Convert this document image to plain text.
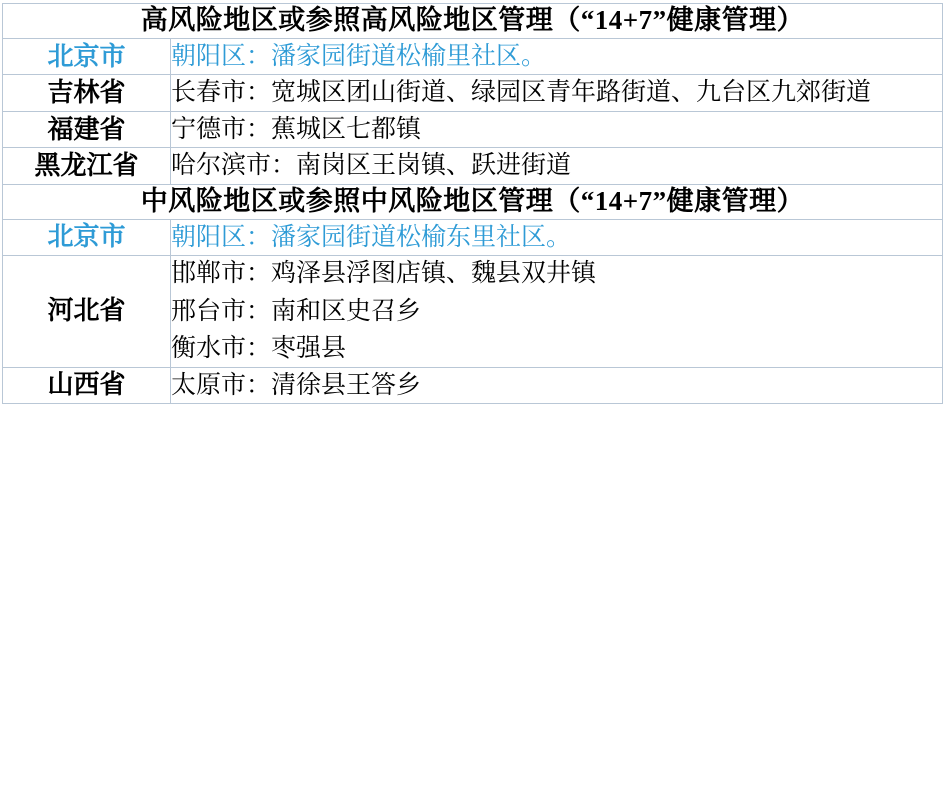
高风险地区或参照高风险地区管理（“14+7”健康管理）	
北京市	朝阳区：潘家园街道松榆里社区。

吉林省	长春市：宽城区团山街道、绿园区青年路街道、九台区九郊街道

福建省	宁德市：蕉城区七都镇

黑龙江省	哈尔滨市：南岗区王岗镇、跃进街道

中风险地区或参照中风险地区管理（“14+7”健康管理）	
北京市	朝阳区：潘家园街道松榆东里社区。

河北省	邯郸市：鸡泽县浮图店镇、魏县双井镇
邢台市：南和区史召乡
衡水市：枣强县

山西省	太原市：清徐县王答乡
